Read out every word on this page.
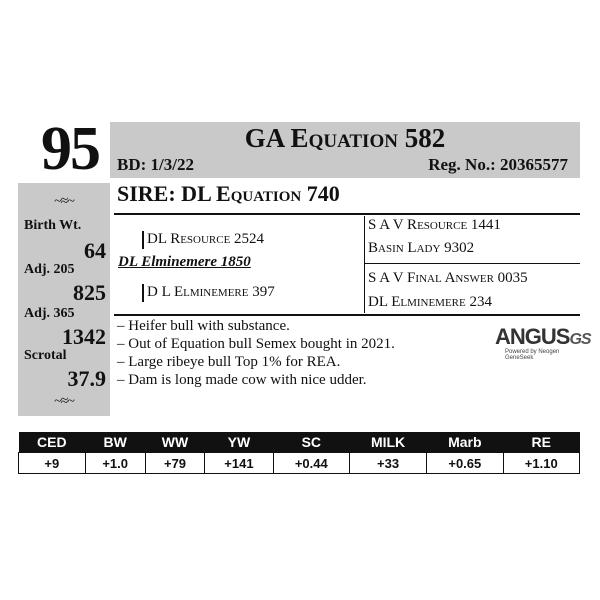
95	GA Equation 582
BD: 1/3/22	Reg. No.: 20365577
~≈~
Birth Wt.
64
Adj. 205
825
Adj. 365
1342
Scrotal
37.9
~≈~
SIRE: DL Equation 740
DL Resource 2524
DL Elminemere 1850
D L Elminemere 397
S A V Resource 1441
Basin Lady 9302
S A V Final Answer 0035
DL Elminemere 234
– Heifer bull with substance.
– Out of Equation bull Semex bought in 2021.
– Large ribeye bull Top 1% for REA.
– Dam is long made cow with nice udder.
ANGUSGS
Powered by Neogen GeneSeek
CED	BW	WW	YW	SC	MILK	Marb	RE
+9	+1.0	+79	+141	+0.44	+33	+0.65	+1.10
